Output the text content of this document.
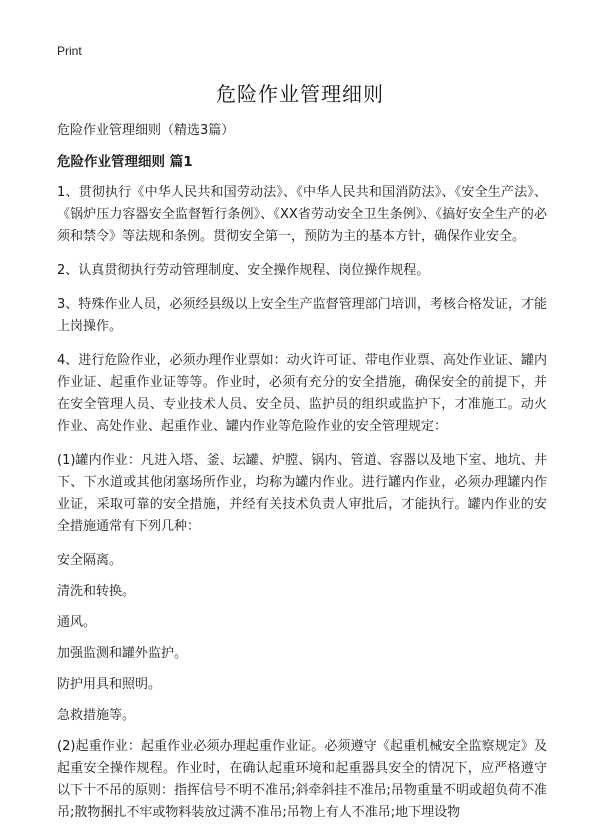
Print
危险作业管理细则

危险作业管理细则（精选3篇）

危险作业管理细则 篇1

1、贯彻执行《中华人民共和国劳动法》、《中华人民共和国消防法》、《安全生产法》、《锅炉压力容器安全监督暂行条例》、《XX省劳动安全卫生条例》、《搞好安全生产的必须和禁令》等法规和条例。贯彻安全第一，预防为主的基本方针，确保作业安全。

2、认真贯彻执行劳动管理制度、安全操作规程、岗位操作规程。

3、特殊作业人员，必须经县级以上安全生产监督管理部门培训，考核合格发证，才能上岗操作。

4、进行危险作业，必须办理作业票如：动火许可证、带电作业票、高处作业证、罐内作业证、起重作业证等等。作业时，必须有充分的安全措施，确保安全的前提下，并在安全管理人员、专业技术人员、安全员、监护员的组织或监护下，才准施工。动火作业、高处作业、起重作业、罐内作业等危险作业的安全管理规定：

(1)罐内作业：凡进入塔、釜、坛罐、炉膛、锅内、管道、容器以及地下室、地坑、井下、下水道或其他闭塞场所作业，均称为罐内作业。进行罐内作业，必须办理罐内作业证，采取可靠的安全措施，并经有关技术负责人审批后，才能执行。罐内作业的安全措施通常有下列几种：

安全隔离。

清洗和转换。

通风。

加强监测和罐外监护。

防护用具和照明。

急救措施等。

(2)起重作业：起重作业必须办理起重作业证。必须遵守《起重机械安全监察规定》及起重安全操作规程。作业时，在确认起重环境和起重器具安全的情况下，应严格遵守以下十不吊的原则：指挥信号不明不准吊;斜牵斜挂不准吊;吊物重量不明或超负荷不准吊;散物捆扎不牢或物料装放过满不准吊;吊物上有人不准吊;地下埋设物
